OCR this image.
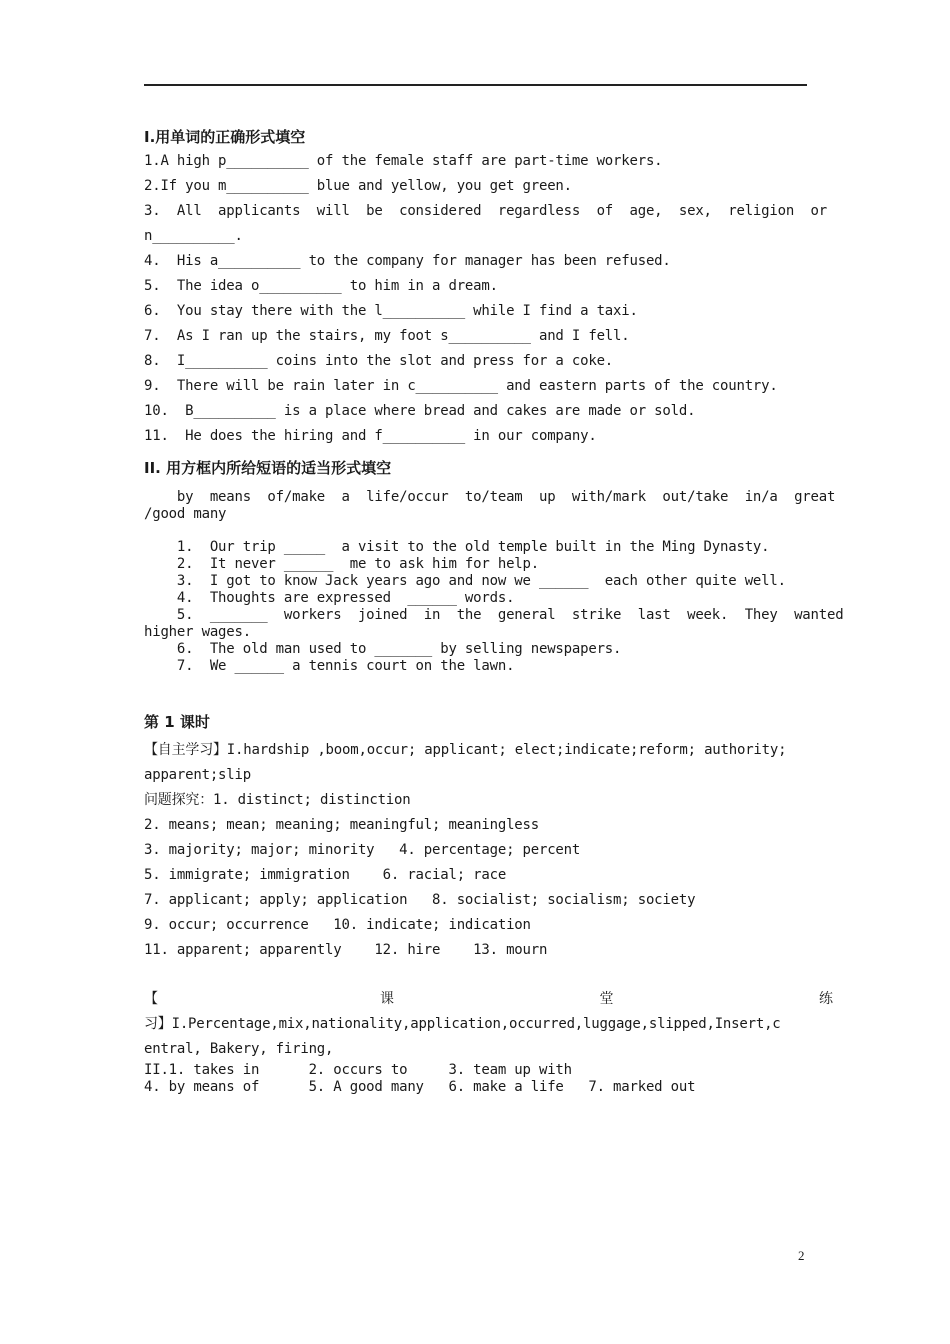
I.用单词的正确形式填空

1.A high p__________ of the female staff are part-time workers.

2.If you m__________ blue and yellow, you get green.

3.  All  applicants  will  be  considered  regardless  of  age,  sex,  religion  or

n__________.

4.  His a__________ to the company for manager has been refused.

5.  The idea o__________ to him in a dream.

6.  You stay there with the l__________ while I find a taxi.

7.  As I ran up the stairs, my foot s__________ and I fell.

8.  I__________ coins into the slot and press for a coke.

9.  There will be rain later in c__________ and eastern parts of the country.

10.  B__________ is a place where bread and cakes are made or sold.

11.  He does the hiring and f__________ in our company.

II. 用方框内所给短语的适当形式填空

by  means  of/make  a  life/occur  to/team  up  with/mark  out/take  in/a  great

/good many

1.  Our trip _____  a visit to the old temple built in the Ming Dynasty.

2.  It never ______  me to ask him for help.

3.  I got to know Jack years ago and now we ______  each other quite well.

4.  Thoughts are expressed  ______ words.

5.  _______  workers  joined  in  the  general  strike  last  week.  They  wanted

higher wages.

6.  The old man used to _______ by selling newspapers.

7.  We ______ a tennis court on the lawn.

第 1 课时

【自主学习】I.hardship ,boom,occur; applicant; elect;indicate;reform; authority;

apparent;slip

问题探究：1. distinct; distinction

2. means; mean; meaning; meaningful; meaningless

3. majority; major; minority   4. percentage; percent

5. immigrate; immigration    6. racial; race

7. applicant; apply; application   8. socialist; socialism; society

9. occur; occurrence   10. indicate; indication

11. apparent; apparently    12. hire    13. mourn

【                           课                         堂                         练

习】I.Percentage,mix,nationality,application,occurred,luggage,slipped,Insert,c

entral, Bakery, firing,

II.1. takes in      2. occurs to     3. team up with

4. by means of      5. A good many   6. make a life   7. marked out

2
